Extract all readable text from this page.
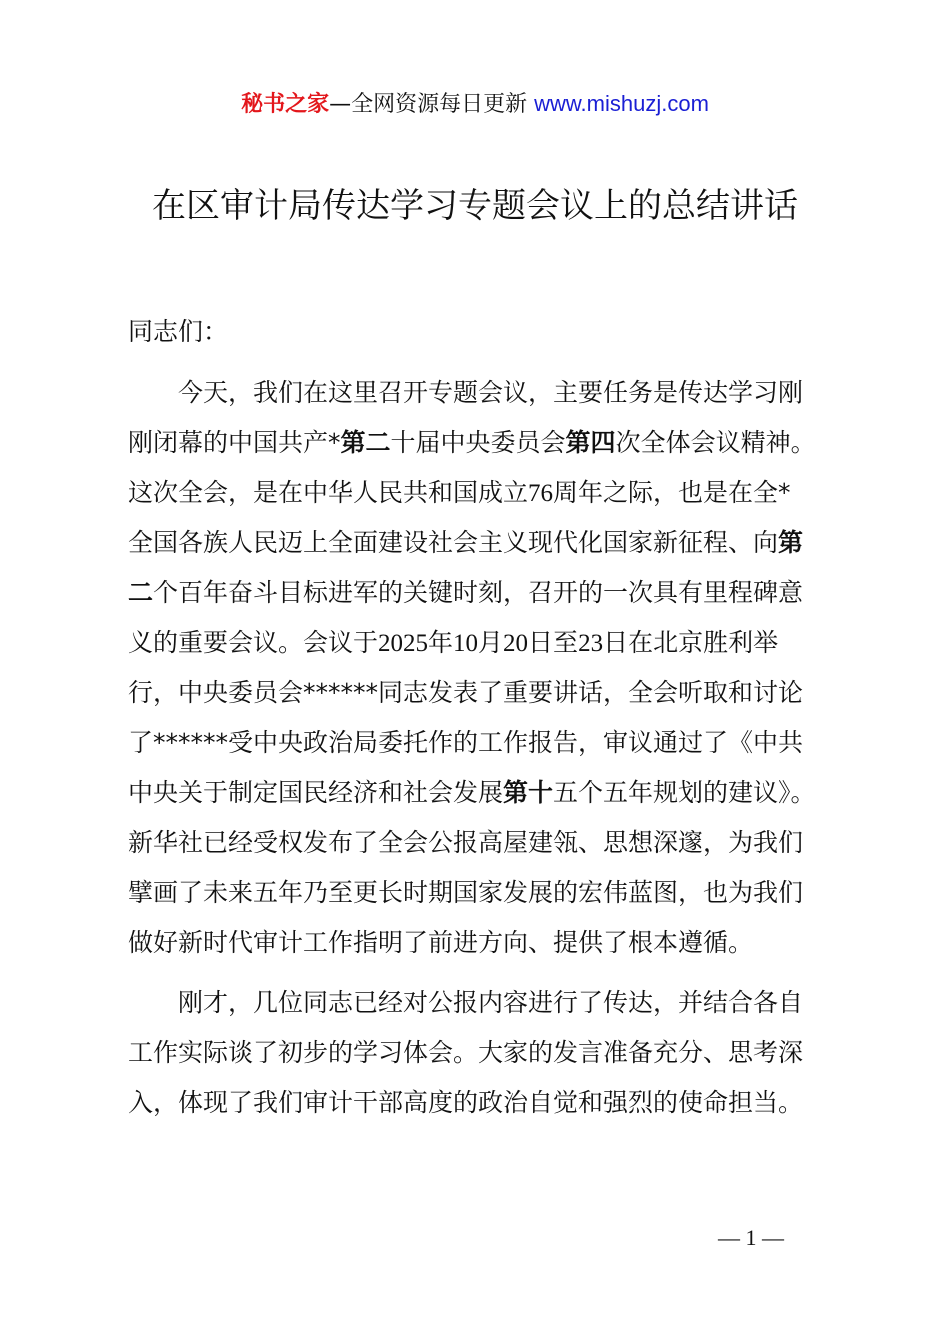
秘书之家—全网资源每日更新 www.mishuzj.com
在区审计局传达学习专题会议上的总结讲话
同志们：
今天，我们在这里召开专题会议，主要任务是传达学习刚
刚闭幕的中国共产*第二十届中央委员会第四次全体会议精神。
这次全会，是在中华人民共和国成立76周年之际，也是在全*
全国各族人民迈上全面建设社会主义现代化国家新征程、向第
二个百年奋斗目标进军的关键时刻，召开的一次具有里程碑意
义的重要会议。会议于2025年10月20日至23日在北京胜利举
行，中央委员会******同志发表了重要讲话，全会听取和讨论
了******受中央政治局委托作的工作报告，审议通过了《中共
中央关于制定国民经济和社会发展第十五个五年规划的建议》。
新华社已经受权发布了全会公报高屋建瓴、思想深邃，为我们
擘画了未来五年乃至更长时期国家发展的宏伟蓝图，也为我们
做好新时代审计工作指明了前进方向、提供了根本遵循。
刚才，几位同志已经对公报内容进行了传达，并结合各自
工作实际谈了初步的学习体会。大家的发言准备充分、思考深
入，体现了我们审计干部高度的政治自觉和强烈的使命担当。
— 1 —
